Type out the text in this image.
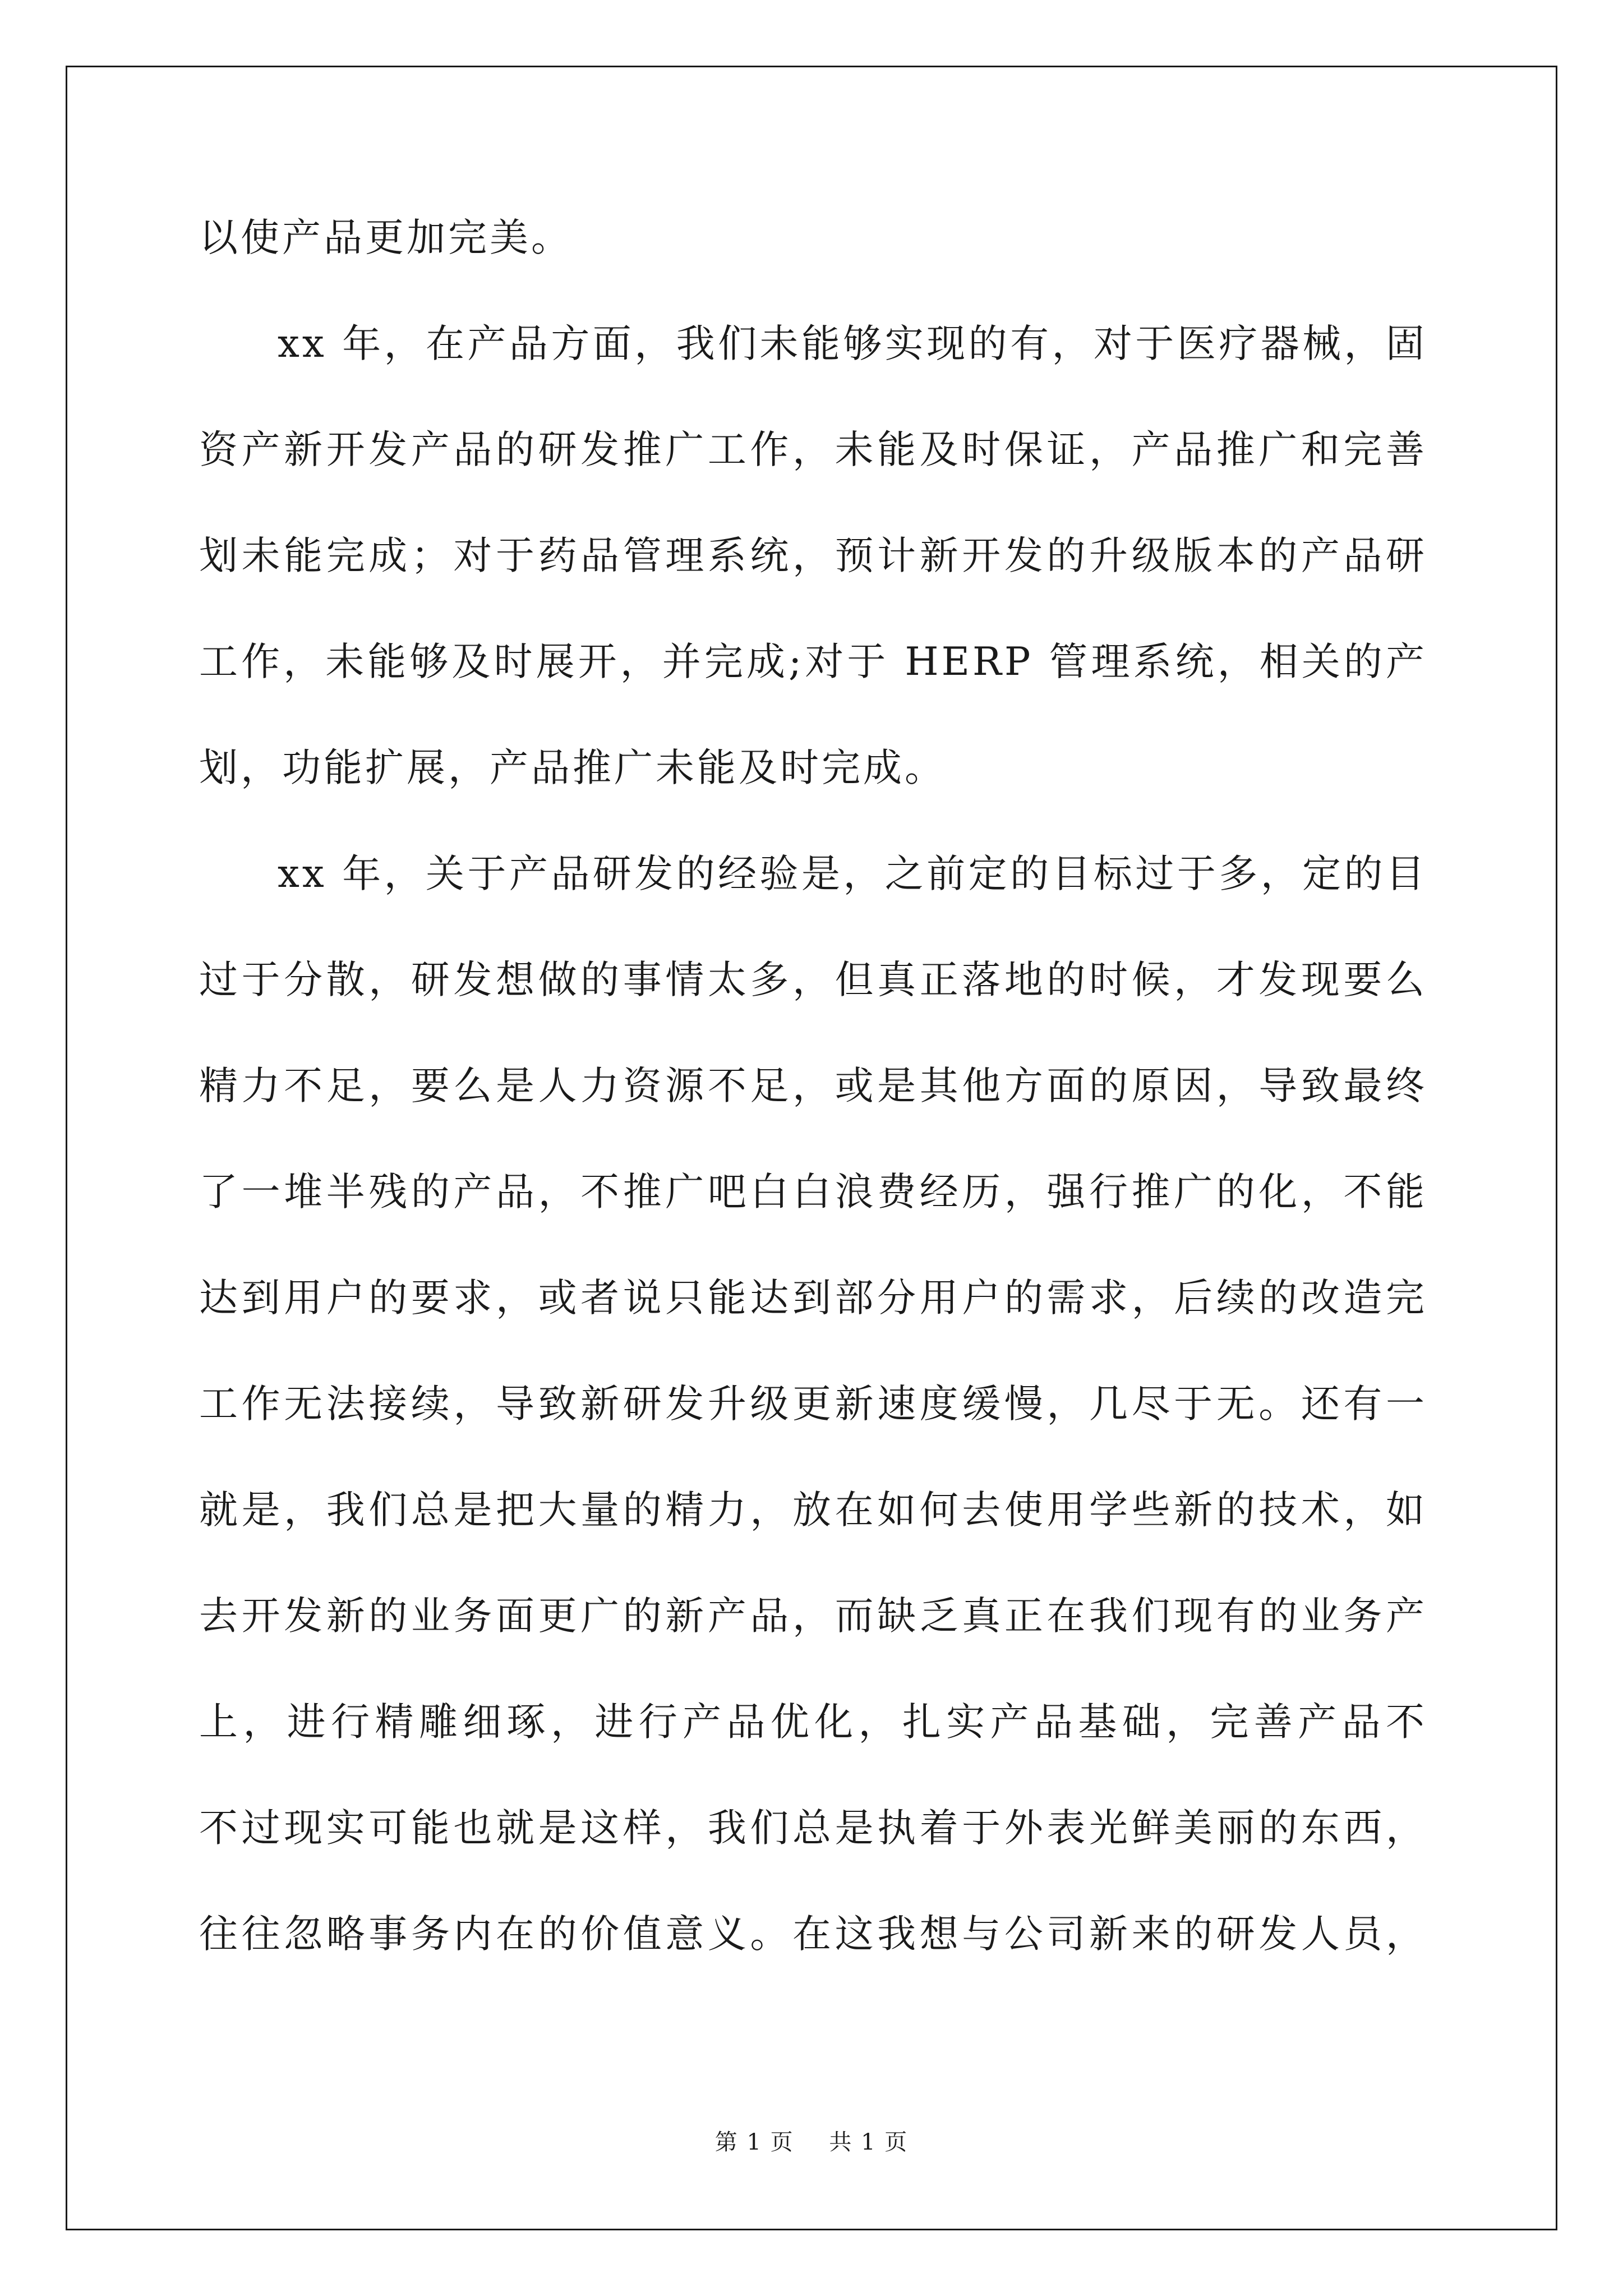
以使产品更加完美。
xx 年，在产品方面，我们未能够实现的有，对于医疗器械，固
资产新开发产品的研发推广工作，未能及时保证，产品推广和完善
划未能完成；对于药品管理系统，预计新开发的升级版本的产品研
工作，未能够及时展开，并完成;对于 HERP 管理系统，相关的产
划，功能扩展，产品推广未能及时完成。
xx 年，关于产品研发的经验是，之前定的目标过于多，定的目
过于分散，研发想做的事情太多，但真正落地的时候，才发现要么
精力不足，要么是人力资源不足，或是其他方面的原因，导致最终
了一堆半残的产品，不推广吧白白浪费经历，强行推广的化，不能
达到用户的要求，或者说只能达到部分用户的需求，后续的改造完
工作无法接续，导致新研发升级更新速度缓慢，几尽于无。还有一
就是，我们总是把大量的精力，放在如何去使用学些新的技术，如
去开发新的业务面更广的新产品，而缺乏真正在我们现有的业务产
上，进行精雕细琢，进行产品优化，扎实产品基础，完善产品不
不过现实可能也就是这样，我们总是执着于外表光鲜美丽的东西，
往往忽略事务内在的价值意义。在这我想与公司新来的研发人员，
第 1 页 共 1 页
